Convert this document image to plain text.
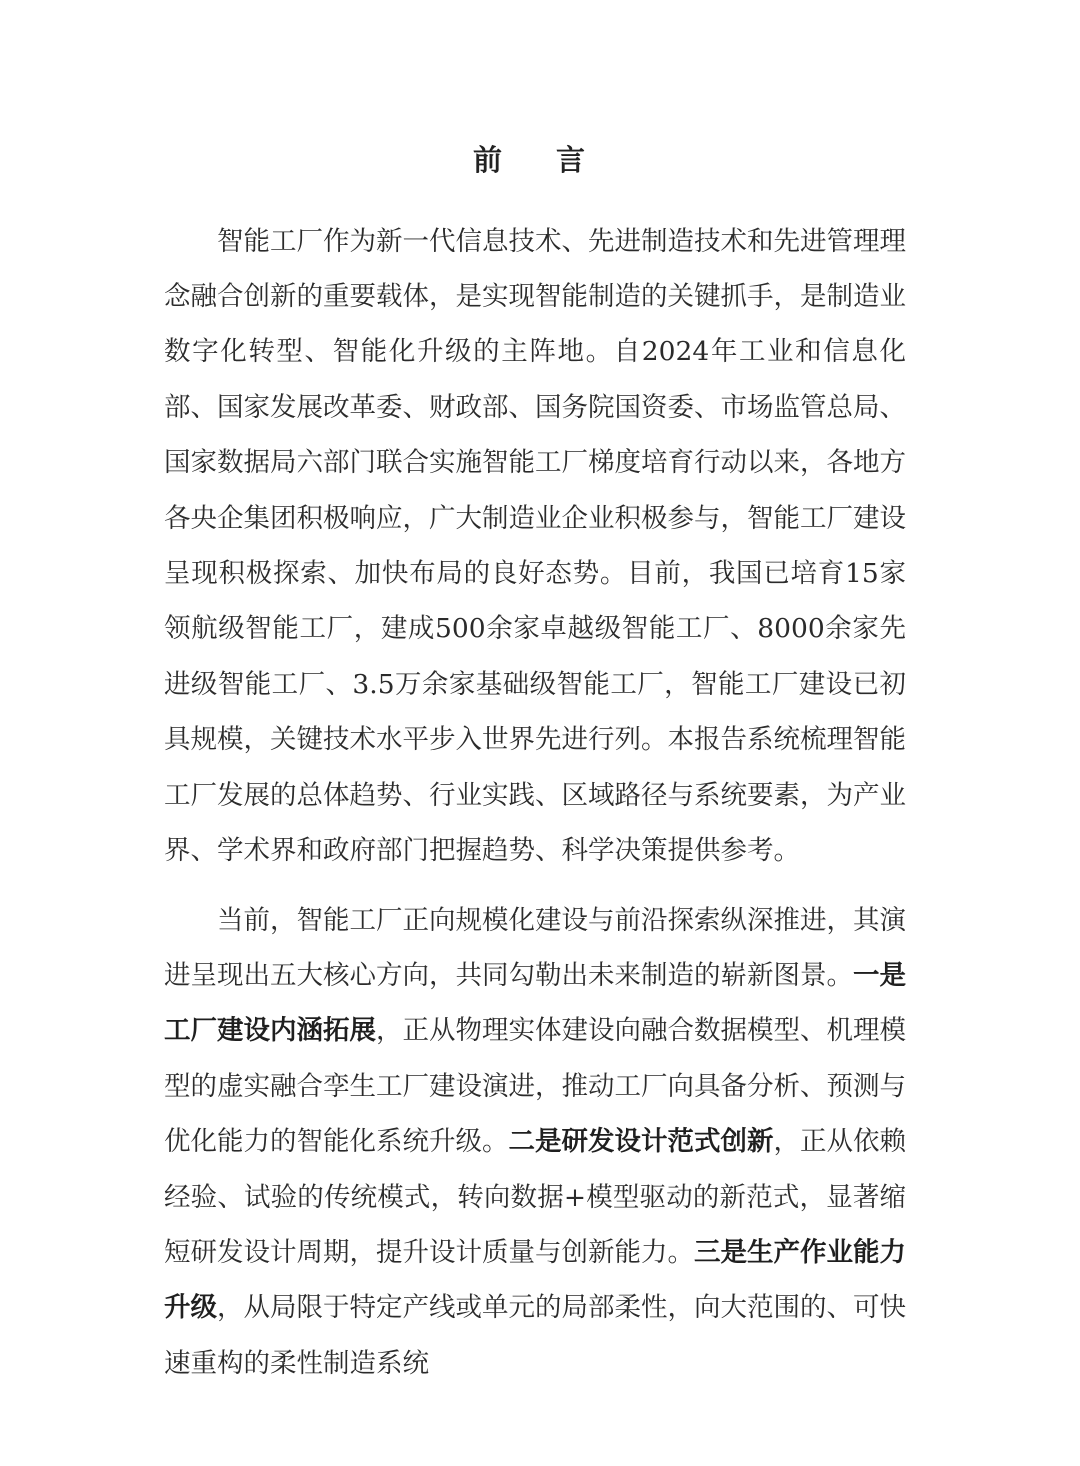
前 言

智能工厂作为新一代信息技术、先进制造技术和先进管理理念融合创新的重要载体，是实现智能制造的关键抓手，是制造业数字化转型、智能化升级的主阵地。自2024年工业和信息化部、国家发展改革委、财政部、国务院国资委、市场监管总局、国家数据局六部门联合实施智能工厂梯度培育行动以来，各地方各央企集团积极响应，广大制造业企业积极参与，智能工厂建设呈现积极探索、加快布局的良好态势。目前，我国已培育15家领航级智能工厂，建成500余家卓越级智能工厂、8000余家先进级智能工厂、3.5万余家基础级智能工厂，智能工厂建设已初具规模，关键技术水平步入世界先进行列。本报告系统梳理智能工厂发展的总体趋势、行业实践、区域路径与系统要素，为产业界、学术界和政府部门把握趋势、科学决策提供参考。

当前，智能工厂正向规模化建设与前沿探索纵深推进，其演进呈现出五大核心方向，共同勾勒出未来制造的崭新图景。一是工厂建设内涵拓展，正从物理实体建设向融合数据模型、机理模型的虚实融合孪生工厂建设演进，推动工厂向具备分析、预测与优化能力的智能化系统升级。二是研发设计范式创新，正从依赖经验、试验的传统模式，转向数据+模型驱动的新范式，显著缩短研发设计周期，提升设计质量与创新能力。三是生产作业能力升级，从局限于特定产线或单元的局部柔性，向大范围的、可快速重构的柔性制造系统
